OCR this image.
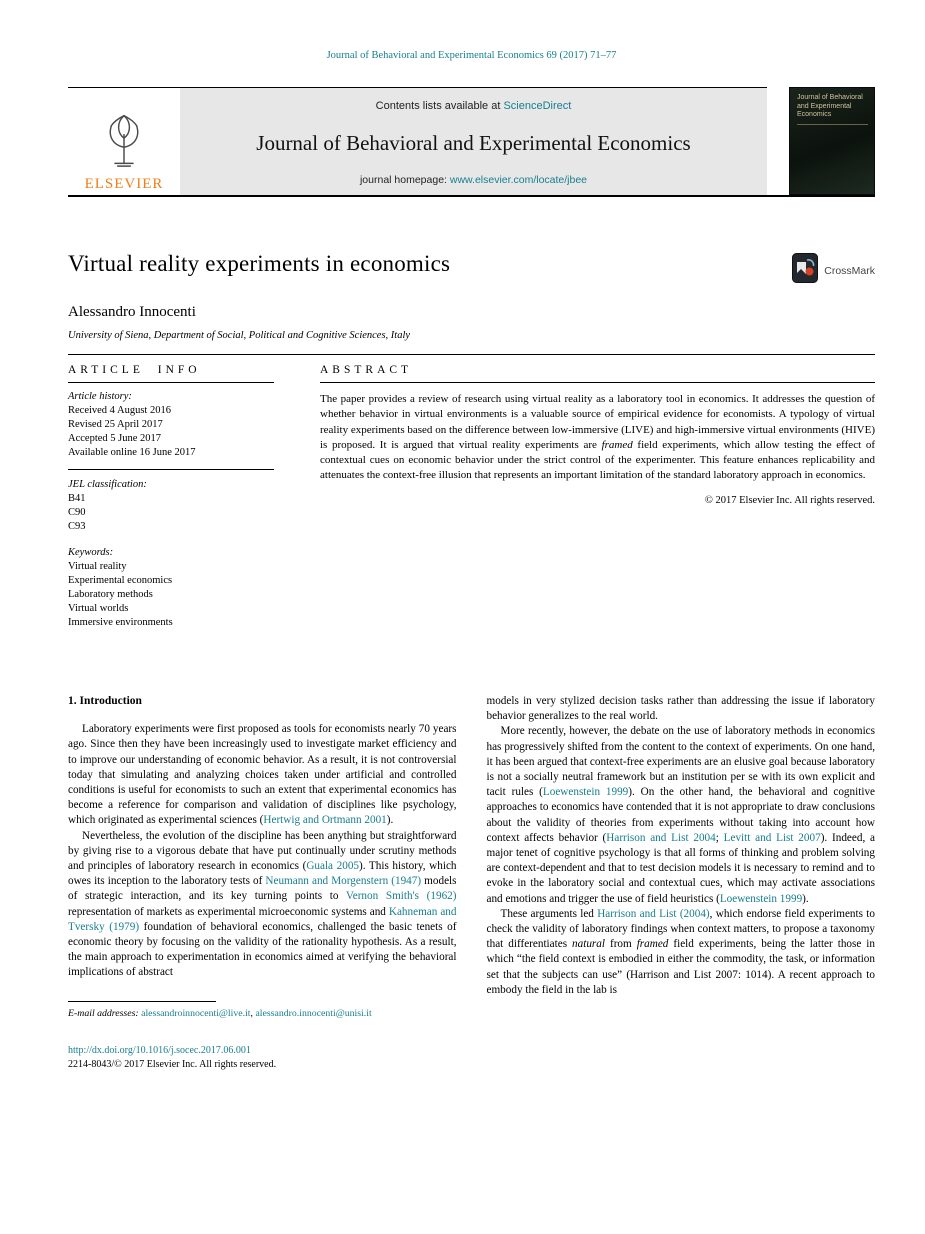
Journal of Behavioral and Experimental Economics 69 (2017) 71–77
ELSEVIER
Contents lists available at ScienceDirect
Journal of Behavioral and Experimental Economics
journal homepage: www.elsevier.com/locate/jbee
Journal of Behavioral and Experimental Economics
Virtual reality experiments in economics	CrossMark
Alessandro Innocenti
University of Siena, Department of Social, Political and Cognitive Sciences, Italy
ARTICLE INFO
Article history:
Received 4 August 2016
Revised 25 April 2017
Accepted 5 June 2017
Available online 16 June 2017
JEL classification:
B41
C90
C93
Keywords:
Virtual reality
Experimental economics
Laboratory methods
Virtual worlds
Immersive environments
ABSTRACT

The paper provides a review of research using virtual reality as a laboratory tool in economics. It addresses the question of whether behavior in virtual environments is a valuable source of empirical evidence for economists. A typology of virtual reality experiments based on the difference between low-immersive (LIVE) and high-immersive virtual environments (HIVE) is proposed. It is argued that virtual reality experiments are framed field experiments, which allow testing the effect of contextual cues on economic behavior under the strict control of the experimenter. This feature enhances replicability and attenuates the context-free illusion that represents an important limitation of the standard laboratory approach in economics.

© 2017 Elsevier Inc. All rights reserved.
1. Introduction

Laboratory experiments were first proposed as tools for economists nearly 70 years ago. Since then they have been increasingly used to investigate market efficiency and to improve our understanding of economic behavior. As a result, it is not controversial today that simulating and analyzing choices taken under artificial and controlled conditions is useful for economists to such an extent that experimental economics has become a reference for comparison and validation of disciplines like psychology, which originated as experimental sciences (Hertwig and Ortmann 2001).

Nevertheless, the evolution of the discipline has been anything but straightforward by giving rise to a vigorous debate that have put continually under scrutiny methods and principles of laboratory research in economics (Guala 2005). This history, which owes its inception to the laboratory tests of Neumann and Morgenstern (1947) models of strategic interaction, and its key turning points to Vernon Smith's (1962) representation of markets as experimental microeconomic systems and Kahneman and Tversky (1979) foundation of behavioral economics, challenged the basic tenets of economic theory by focusing on the validity of the rationality hypothesis. As a result, the main approach to experimentation in economics aimed at verifying the behavioral implications of abstract

E-mail addresses: alessandroinnocenti@live.it, alessandro.innocenti@unisi.it

models in very stylized decision tasks rather than addressing the issue if laboratory behavior generalizes to the real world.

More recently, however, the debate on the use of laboratory methods in economics has progressively shifted from the content to the context of experiments. On one hand, it has been argued that context-free experiments are an elusive goal because laboratory is not a socially neutral framework but an institution per se with its own explicit and tacit rules (Loewenstein 1999). On the other hand, the behavioral and cognitive approaches to economics have contended that it is not appropriate to draw conclusions about the validity of theories from experiments without taking into account how context affects behavior (Harrison and List 2004; Levitt and List 2007). Indeed, a major tenet of cognitive psychology is that all forms of thinking and problem solving are context-dependent and that to test decision models it is necessary to remind and to evoke in the laboratory social and contextual cues, which may activate associations and emotions and trigger the use of field heuristics (Loewenstein 1999).

These arguments led Harrison and List (2004), which endorse field experiments to check the validity of laboratory findings when context matters, to propose a taxonomy that differentiates natural from framed field experiments, being the latter those in which “the field context is embodied in either the commodity, the task, or information set that the subjects can use” (Harrison and List 2007: 1014). A recent approach to embody the field in the lab is

http://dx.doi.org/10.1016/j.socec.2017.06.001
2214-8043/© 2017 Elsevier Inc. All rights reserved.
